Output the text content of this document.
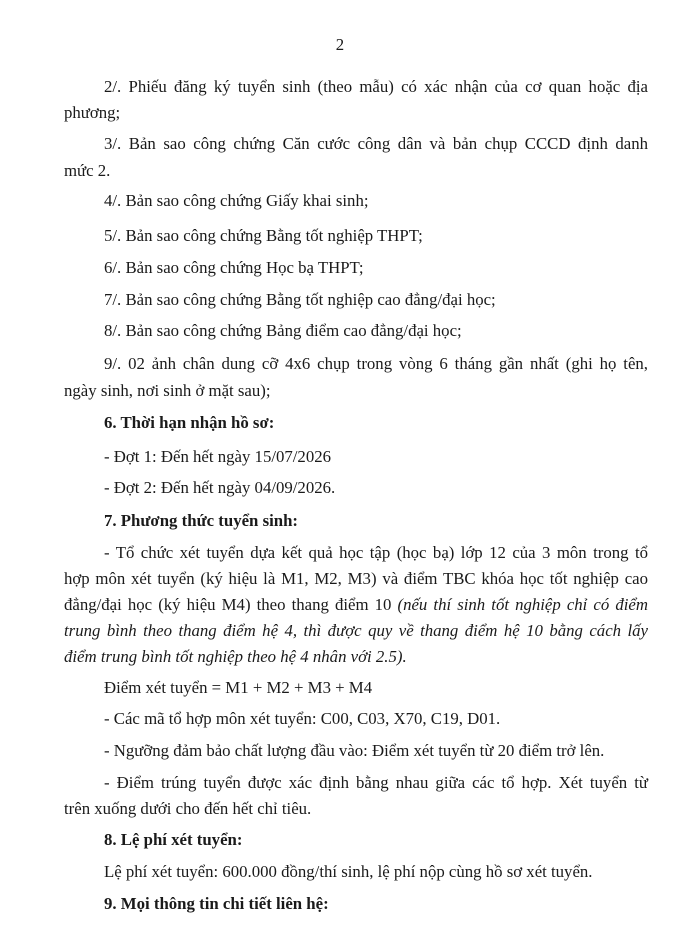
2
2/. Phiếu đăng ký tuyển sinh (theo mẫu) có xác nhận của cơ quan hoặc địa
phương;
3/. Bản sao công chứng Căn cước công dân và bản chụp CCCD định danh
mức 2.
4/. Bản sao công chứng Giấy khai sinh;
5/. Bản sao công chứng Bằng tốt nghiệp THPT;
6/. Bản sao công chứng Học bạ THPT;
7/. Bản sao công chứng Bằng tốt nghiệp cao đẳng/đại học;
8/. Bản sao công chứng Bảng điểm cao đẳng/đại học;
9/. 02 ảnh chân dung cỡ 4x6 chụp trong vòng 6 tháng gần nhất (ghi họ tên,
ngày sinh, nơi sinh ở mặt sau);
6. Thời hạn nhận hồ sơ:
- Đợt 1: Đến hết ngày 15/07/2026
- Đợt 2: Đến hết ngày 04/09/2026.
7. Phương thức tuyển sinh:
- Tổ chức xét tuyển dựa kết quả học tập (học bạ) lớp 12 của 3 môn trong tổ
hợp môn xét tuyển (ký hiệu là M1, M2, M3) và điểm TBC khóa học tốt nghiệp cao
đẳng/đại học (ký hiệu M4) theo thang điểm 10 (nếu thí sinh tốt nghiệp chỉ có điểm
trung bình theo thang điểm hệ 4, thì được quy về thang điểm hệ 10 bằng cách lấy
điểm trung bình tốt nghiệp theo hệ 4 nhân với 2.5).
Điểm xét tuyển = M1 + M2 + M3 + M4
- Các mã tổ hợp môn xét tuyển: C00, C03, X70, C19, D01.
- Ngưỡng đảm bảo chất lượng đầu vào: Điểm xét tuyển từ 20 điểm trở lên.
- Điểm trúng tuyển được xác định bằng nhau giữa các tổ hợp. Xét tuyển từ
trên xuống dưới cho đến hết chỉ tiêu.
8. Lệ phí xét tuyển:
Lệ phí xét tuyển: 600.000 đồng/thí sinh, lệ phí nộp cùng hồ sơ xét tuyển.
9. Mọi thông tin chi tiết liên hệ:
